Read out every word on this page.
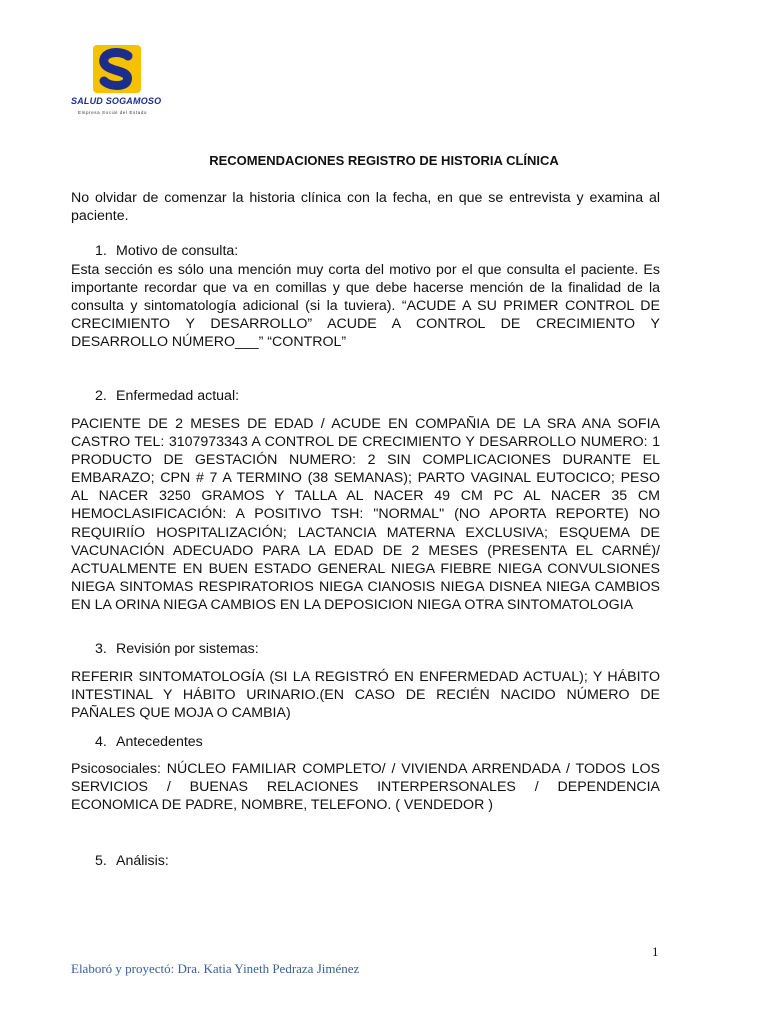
SALUD SOGAMOSO
Empresa Social del Estado
RECOMENDACIONES REGISTRO DE HISTORIA CLÍNICA
No olvidar de comenzar la historia clínica con la fecha, en que se entrevista y examina al paciente.
1. Motivo de consulta:
Esta sección es sólo una mención muy corta del motivo por el que consulta el paciente. Es importante recordar que va en comillas y que debe hacerse mención de la finalidad de la consulta y sintomatología adicional (si la tuviera). “ACUDE A SU PRIMER CONTROL DE CRECIMIENTO Y DESARROLLO” ACUDE A CONTROL DE CRECIMIENTO Y DESARROLLO NÚMERO___” “CONTROL”
2. Enfermedad actual:
PACIENTE DE 2 MESES DE EDAD / ACUDE EN COMPAÑIA DE LA SRA ANA SOFIA CASTRO TEL: 3107973343 A CONTROL DE CRECIMIENTO Y DESARROLLO NUMERO: 1 PRODUCTO DE GESTACIÓN NUMERO: 2 SIN COMPLICACIONES DURANTE EL EMBARAZO; CPN # 7 A TERMINO (38 SEMANAS); PARTO VAGINAL EUTOCICO; PESO AL NACER 3250 GRAMOS Y TALLA AL NACER 49 CM PC AL NACER 35 CM HEMOCLASIFICACIÓN: A POSITIVO TSH: "NORMAL" (NO APORTA REPORTE) NO REQUIRIÍO HOSPITALIZACIÓN; LACTANCIA MATERNA EXCLUSIVA; ESQUEMA DE VACUNACIÓN ADECUADO PARA LA EDAD DE 2 MESES (PRESENTA EL CARNÉ)/ ACTUALMENTE EN BUEN ESTADO GENERAL NIEGA FIEBRE NIEGA CONVULSIONES NIEGA SINTOMAS RESPIRATORIOS NIEGA CIANOSIS NIEGA DISNEA NIEGA CAMBIOS EN LA ORINA NIEGA CAMBIOS EN LA DEPOSICION NIEGA OTRA SINTOMATOLOGIA
3. Revisión por sistemas:
REFERIR SINTOMATOLOGÍA (SI LA REGISTRÓ EN ENFERMEDAD ACTUAL); Y HÁBITO INTESTINAL Y HÁBITO URINARIO.(EN CASO DE RECIÉN NACIDO NÚMERO DE PAÑALES QUE MOJA O CAMBIA)
4. Antecedentes
Psicosociales: NÚCLEO FAMILIAR COMPLETO/ / VIVIENDA ARRENDADA / TODOS LOS SERVICIOS / BUENAS RELACIONES INTERPERSONALES / DEPENDENCIA ECONOMICA DE PADRE, NOMBRE, TELEFONO. ( VENDEDOR )
5. Análisis:
1
Elaboró y proyectó: Dra. Katia Yineth Pedraza Jiménez
